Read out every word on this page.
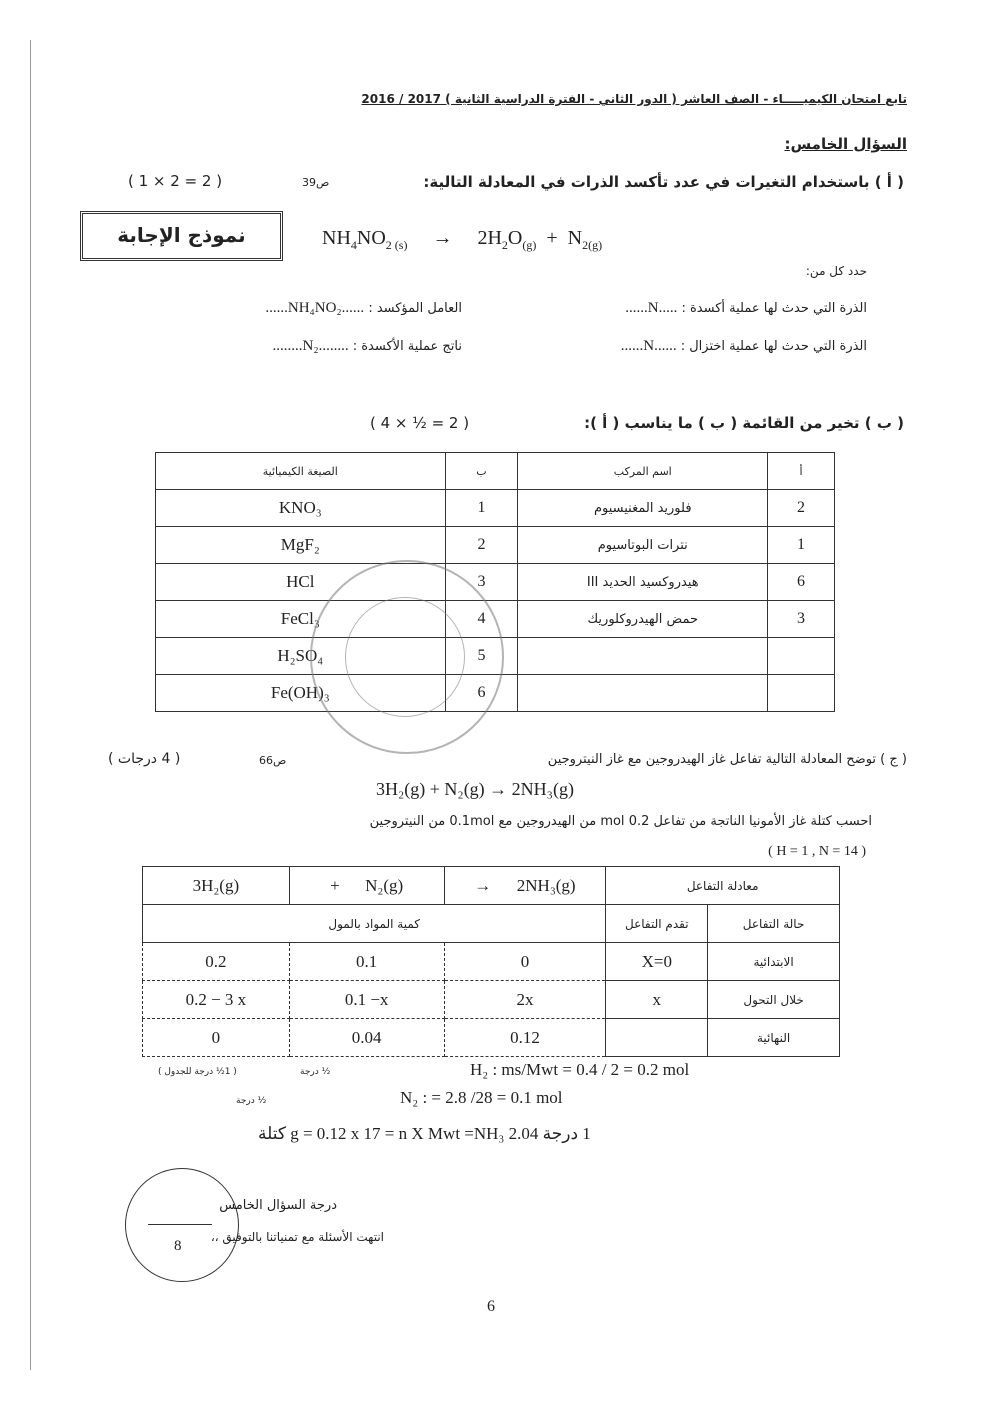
تابع امتحان الكيميـــــاء - الصف العاشر ( الدور الثاني - الفترة الدراسية الثانية ) 2017 / 2016
السؤال الخامس:
( أ ) باستخدام التغيرات في عدد تأكسد الذرات في المعادلة التالية:
ص39
( 1 × 2 = 2 )
نموذج الإجابة	$NH_4NO_{2 (s)} \to 2H_2O_{(g)} + N_{2(g)}$
حدد كل من:
الذرة التي حدث لها عملية أكسدة : .....N......
العامل المؤكسد : ......NH₄NO₂......
الذرة التي حدث لها عملية اختزال : ......N......
ناتج عملية الأكسدة : ........N₂........
( ب ) تخير من القائمة ( ب ) ما يناسب ( أ ):
( 4 × ½ = 2 )
الصيغة الكيميائية	ب	اسم المركب	أ
KNO₃	1	فلوريد المغنيسيوم	2
MgF₂	2	نترات البوتاسيوم	1
HCl	3	هيدروكسيد الحديد III	6
FeCl₃	4	حمض الهيدروكلوريك	3
H₂SO₄	5		
Fe(OH)₃	6		
( ج ) توضح المعادلة التالية تفاعل غاز الهيدروجين مع غاز النيتروجين
ص66
( 4 درجات )
3H₂(g) + N₂(g) → 2NH₃(g)
احسب كتلة غاز الأمونيا الناتجة من تفاعل 0.2 mol من الهيدروجين مع 0.1mol من النيتروجين
( H = 1 , N = 14 )
3H₂(g)	+ N₂(g)	→ 2NH₃(g)	معادلة التفاعل	
كمية المواد بالمول			تقدم التفاعل	حالة التفاعل
0.2	0.1	0	X=0	الابتدائية
0.2 − 3 x	0.1 −x	2x	x	خلال التحول
0	0.04	0.12		النهائية
( 1½ درجة للجدول )	½ درجة
½ درجة
H₂ : ms/Mwt = 0.4 / 2 = 0.2 mol
N₂ : = 2.8 /28 = 0.1 mol
1 درجة 2.04 g = 0.12 x 17 = n X Mwt =NH₃ كتلة
8
درجة السؤال الخامس
انتهت الأسئلة مع تمنياتنا بالتوفيق ،،
6
